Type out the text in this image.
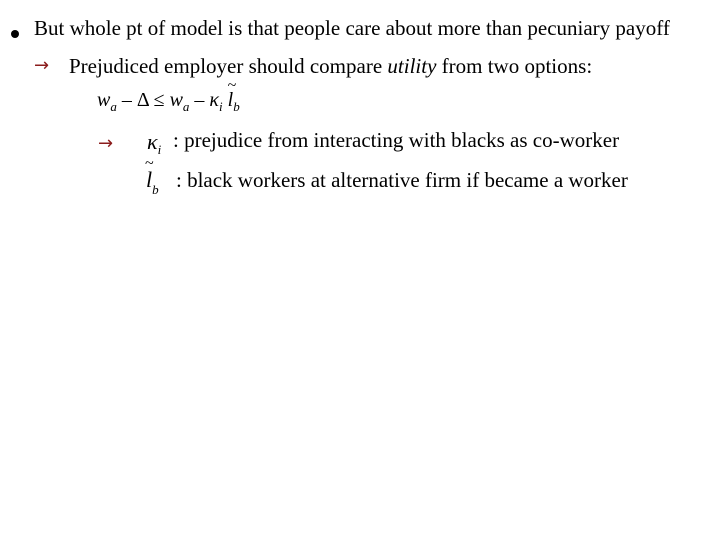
But whole pt of model is that people care about more than pecuniary payoff
→ Prejudiced employer should compare utility from two options:
$w_a - \Delta \le w_a - \kappa_i$
~
$l_b$
→ $\kappa_i$ : prejudice from interacting with blacks as co-worker
~
$l_b$ : black workers at alternative firm if became a worker
